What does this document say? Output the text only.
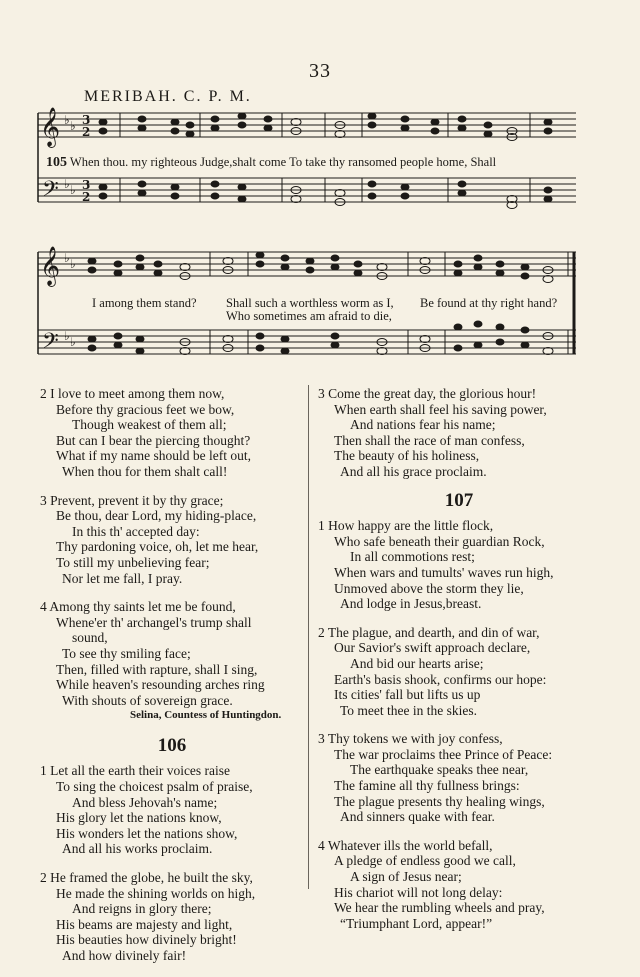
33
MERIBAH. C. P. M.
𝄞
𝄞
𝄢
𝄢
♭ ♭
♭ ♭
♭ ♭
♭ ♭
3
2
3
2
105 When thou. my righteous Judge,shalt come To take thy ransomed people home, Shall
I among them stand? Shall such a worthless worm as I,
Who sometimes am afraid to die,
Be found at thy right hand?
2 I love to meet among them now,
Before thy gracious feet we bow,
Though weakest of them all;
But can I bear the piercing thought?
What if my name should be left out,
When thou for them shalt call!
3 Prevent, prevent it by thy grace;
Be thou, dear Lord, my hiding-place,
In this th' accepted day:
Thy pardoning voice, oh, let me hear,
To still my unbelieving fear;
Nor let me fall, I pray.
4 Among thy saints let me be found,
Whene'er th' archangel's trump shall
sound,
To see thy smiling face;
Then, filled with rapture, shall I sing,
While heaven's resounding arches ring
With shouts of sovereign grace.
Selina, Countess of Huntingdon.
106
1 Let all the earth their voices raise
To sing the choicest psalm of praise,
And bless Jehovah's name;
His glory let the nations know,
His wonders let the nations show,
And all his works proclaim.
2 He framed the globe, he built the sky,
He made the shining worlds on high,
And reigns in glory there;
His beams are majesty and light,
His beauties how divinely bright!
And how divinely fair!
3 Come the great day, the glorious hour!
When earth shall feel his saving power,
And nations fear his name;
Then shall the race of man confess,
The beauty of his holiness,
And all his grace proclaim.
107
1 How happy are the little flock,
Who safe beneath their guardian Rock,
In all commotions rest;
When wars and tumults' waves run high,
Unmoved above the storm they lie,
And lodge in Jesus,breast.
2 The plague, and dearth, and din of war,
Our Savior's swift approach declare,
And bid our hearts arise;
Earth's basis shook, confirms our hope:
Its cities' fall but lifts us up
To meet thee in the skies.
3 Thy tokens we with joy confess,
The war proclaims thee Prince of Peace:
The earthquake speaks thee near,
The famine all thy fullness brings:
The plague presents thy healing wings,
And sinners quake with fear.
4 Whatever ills the world befall,
A pledge of endless good we call,
A sign of Jesus near;
His chariot will not long delay:
We hear the rumbling wheels and pray,
“Triumphant Lord, appear!”
